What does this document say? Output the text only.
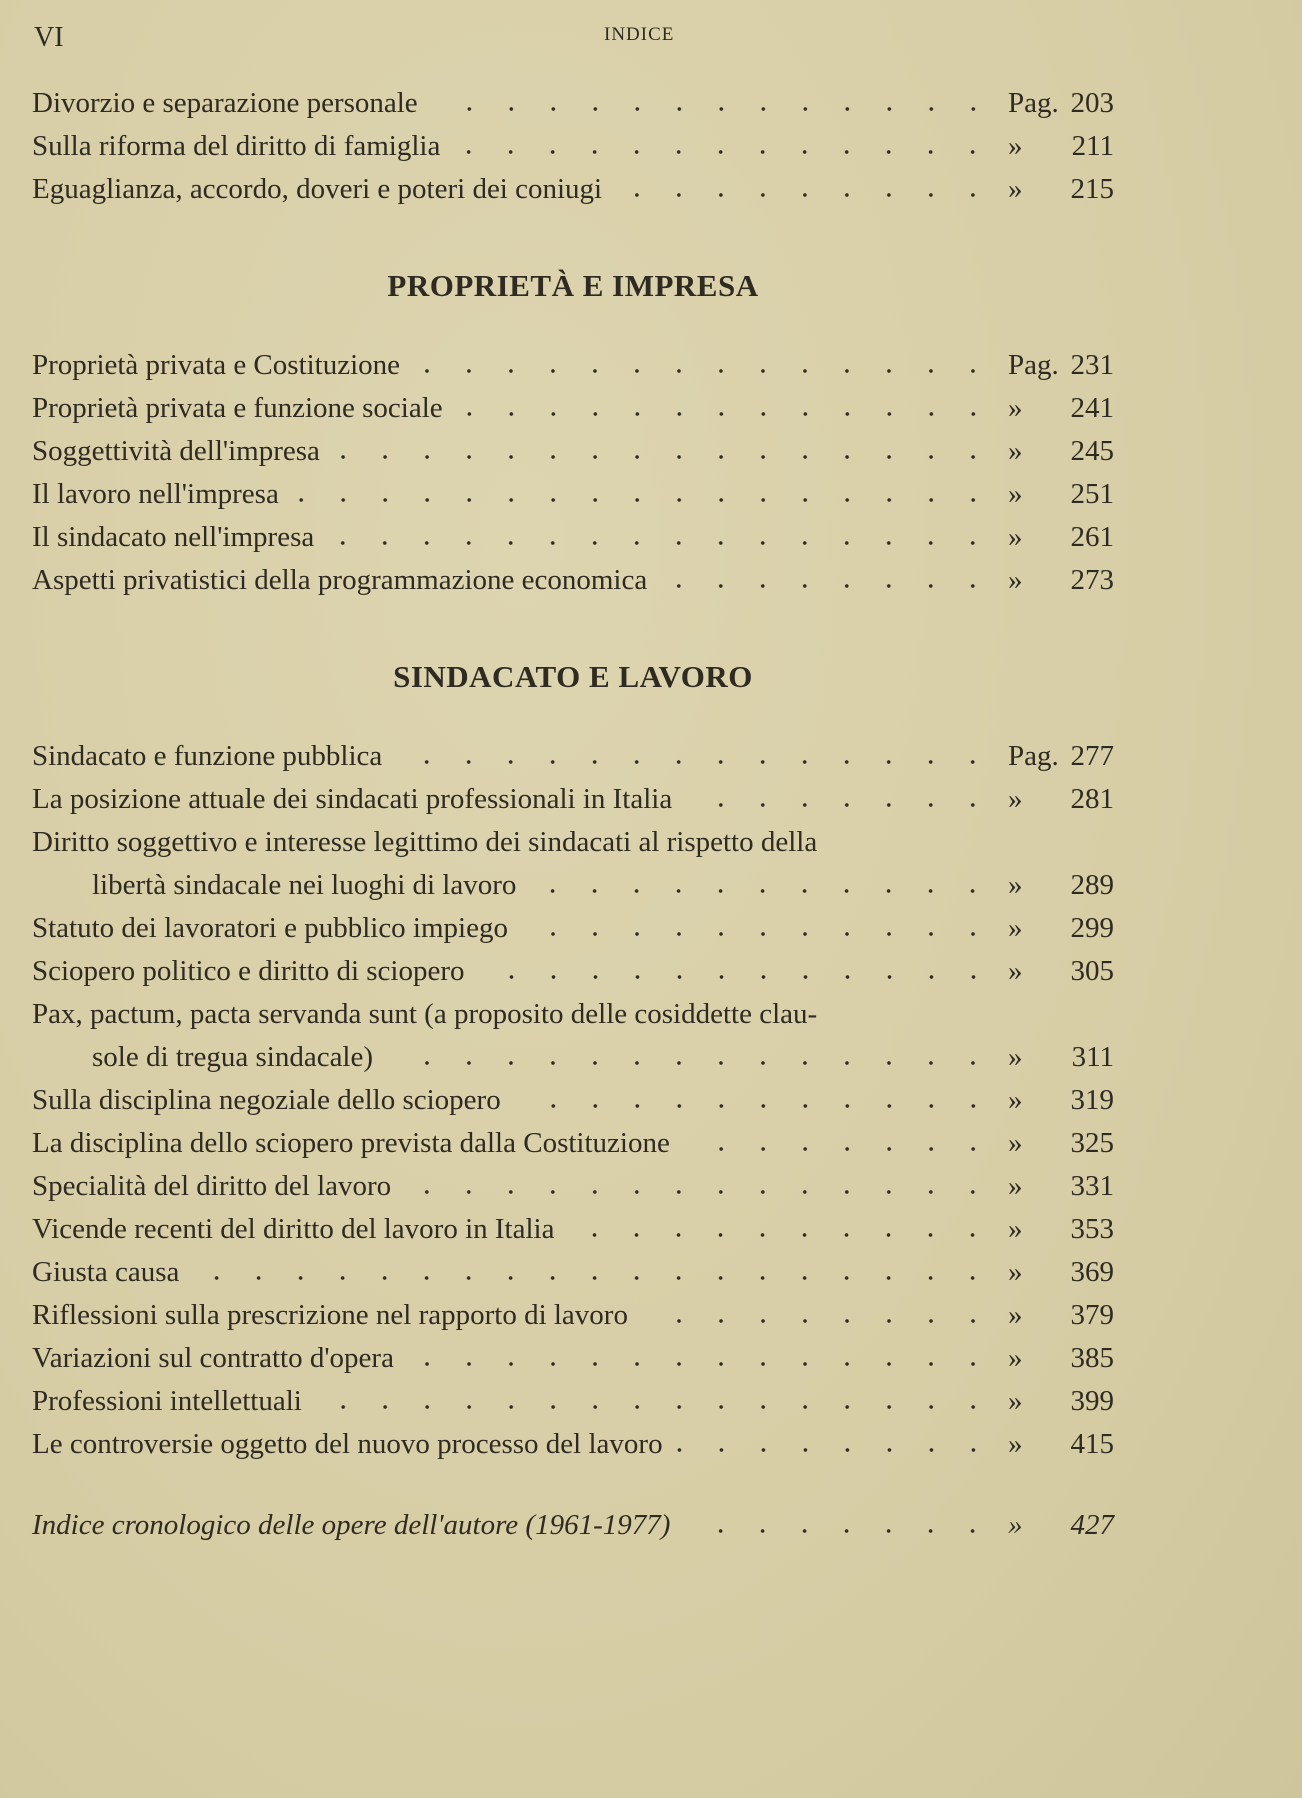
VI	INDICE
Divorzio e separazione personale	Pag. 203
Sulla riforma del diritto di famiglia	»	211
Eguaglianza, accordo, doveri e poteri dei coniugi	»	215
PROPRIETÀ E IMPRESA
Proprietà privata e Costituzione	Pag. 231
Proprietà privata e funzione sociale	»	241
Soggettività dell'impresa	»	245
Il lavoro nell'impresa	»	251
Il sindacato nell'impresa	»	261
Aspetti privatistici della programmazione economica	»	273
SINDACATO E LAVORO
Sindacato e funzione pubblica	Pag. 277
La posizione attuale dei sindacati professionali in Italia	»	281
Diritto soggettivo e interesse legittimo dei sindacati al rispetto della
libertà sindacale nei luoghi di lavoro	»	289
Statuto dei lavoratori e pubblico impiego	»	299
Sciopero politico e diritto di sciopero	»	305
Pax, pactum, pacta servanda sunt (a proposito delle cosiddette clau-
sole di tregua sindacale)	»	311
Sulla disciplina negoziale dello sciopero	»	319
La disciplina dello sciopero prevista dalla Costituzione	»	325
Specialità del diritto del lavoro	»	331
Vicende recenti del diritto del lavoro in Italia	»	353
Giusta causa	»	369
Riflessioni sulla prescrizione nel rapporto di lavoro	»	379
Variazioni sul contratto d'opera	»	385
Professioni intellettuali	»	399
Le controversie oggetto del nuovo processo del lavoro	»	415
Indice cronologico delle opere dell'autore (1961-1977)	»	427
